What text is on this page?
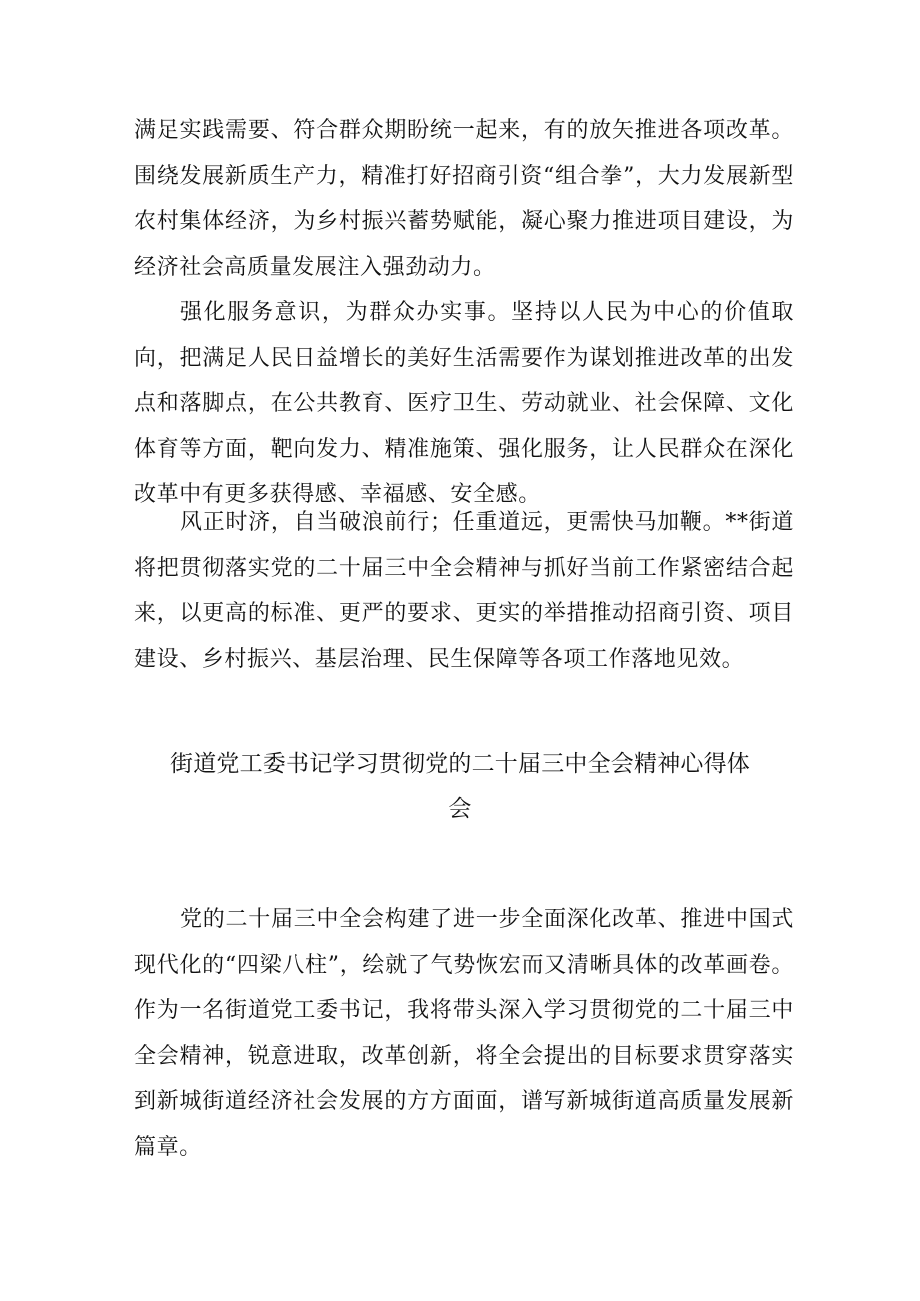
满足实践需要、符合群众期盼统一起来，有的放矢推进各项改革。围绕发展新质生产力，精准打好招商引资“组合拳”，大力发展新型农村集体经济，为乡村振兴蓄势赋能，凝心聚力推进项目建设，为经济社会高质量发展注入强劲动力。

强化服务意识，为群众办实事。坚持以人民为中心的价值取向，把满足人民日益增长的美好生活需要作为谋划推进改革的出发点和落脚点，在公共教育、医疗卫生、劳动就业、社会保障、文化体育等方面，靶向发力、精准施策、强化服务，让人民群众在深化改革中有更多获得感、幸福感、安全感。

风正时济，自当破浪前行；任重道远，更需快马加鞭。**街道将把贯彻落实党的二十届三中全会精神与抓好当前工作紧密结合起来，以更高的标准、更严的要求、更实的举措推动招商引资、项目建设、乡村振兴、基层治理、民生保障等各项工作落地见效。

街道党工委书记学习贯彻党的二十届三中全会精神心得体会

党的二十届三中全会构建了进一步全面深化改革、推进中国式现代化的“四梁八柱”，绘就了气势恢宏而又清晰具体的改革画卷。作为一名街道党工委书记，我将带头深入学习贯彻党的二十届三中全会精神，锐意进取，改革创新，将全会提出的目标要求贯穿落实到新城街道经济社会发展的方方面面，谱写新城街道高质量发展新篇章。
